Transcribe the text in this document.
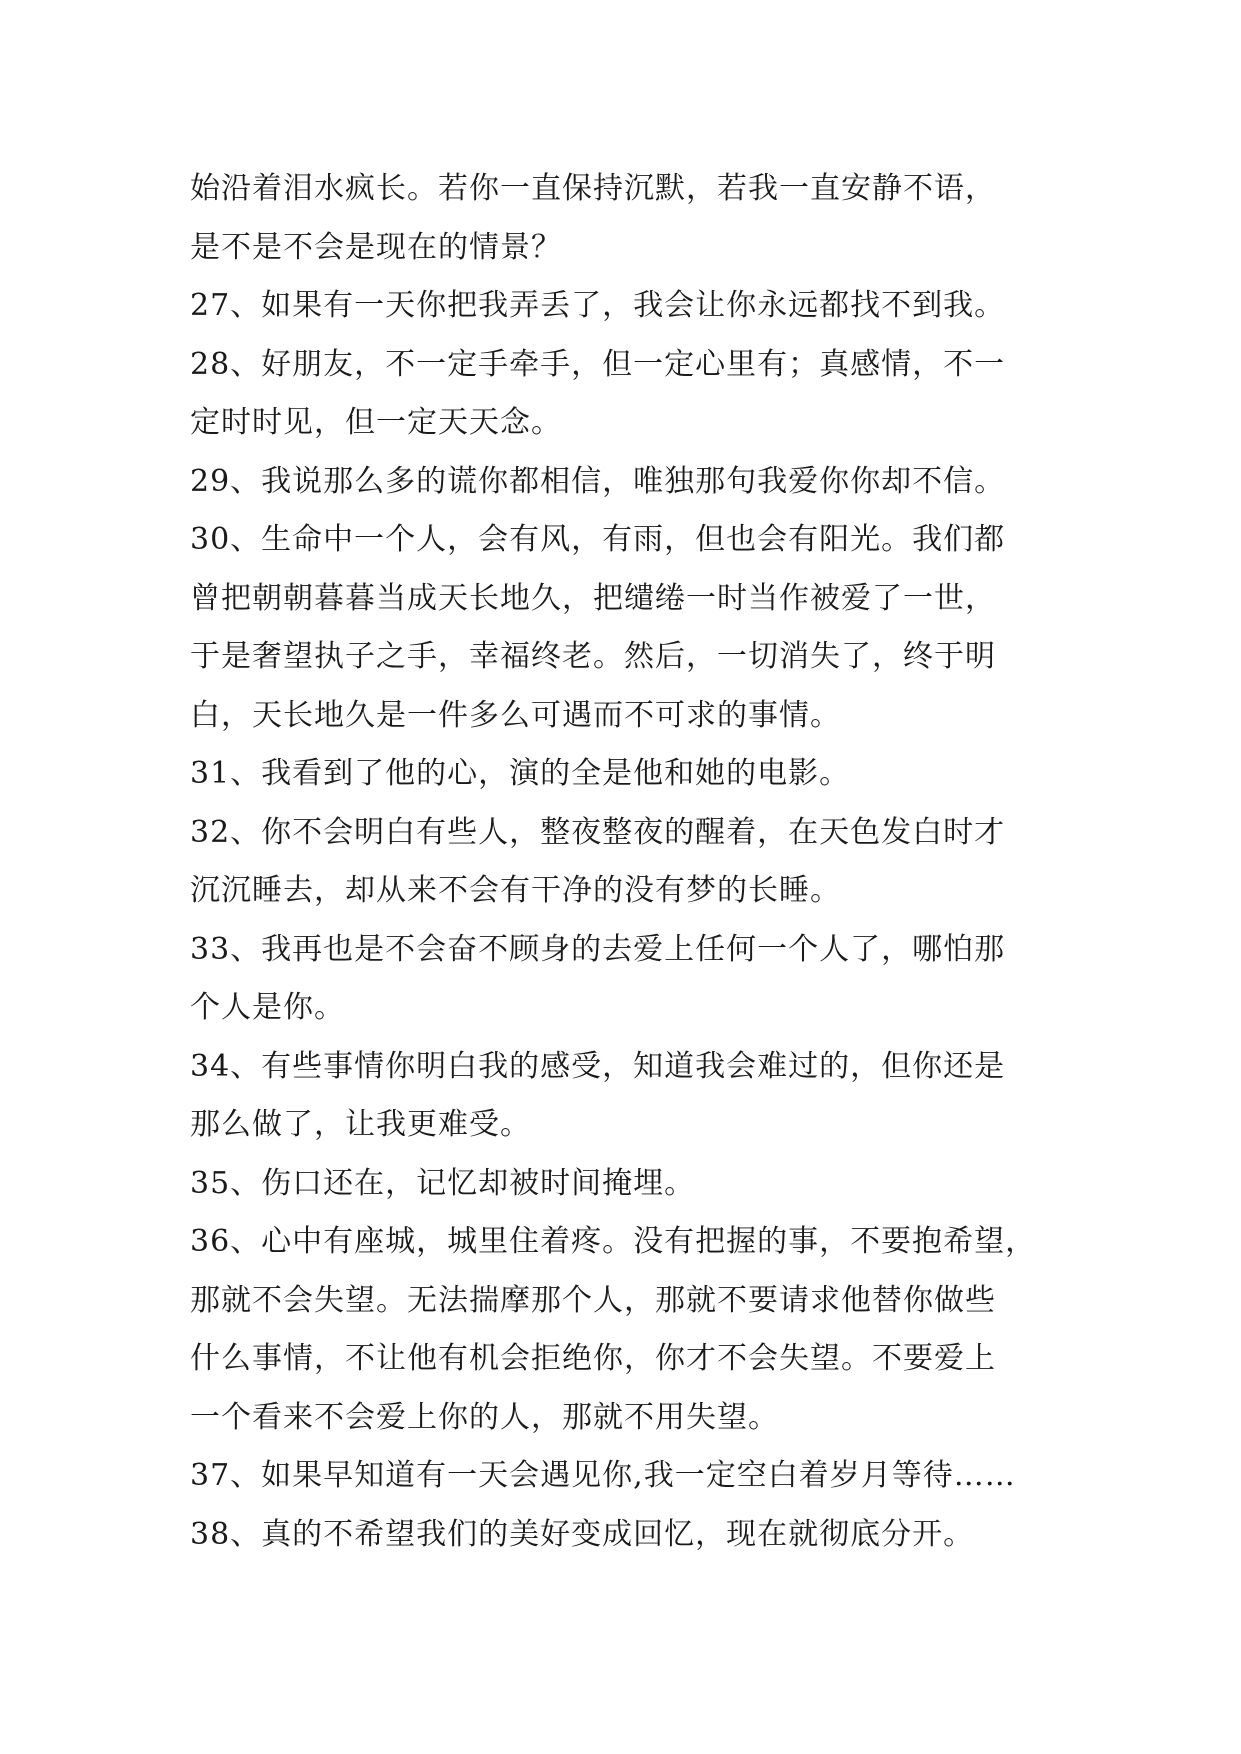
始沿着泪水疯长。若你一直保持沉默，若我一直安静不语，
是不是不会是现在的情景？
27、如果有一天你把我弄丢了，我会让你永远都找不到我。
28、好朋友，不一定手牵手，但一定心里有；真感情，不一
定时时见，但一定天天念。
29、我说那么多的谎你都相信，唯独那句我爱你你却不信。
30、生命中一个人，会有风，有雨，但也会有阳光。我们都
曾把朝朝暮暮当成天长地久，把缱绻一时当作被爱了一世，
于是奢望执子之手，幸福终老。然后，一切消失了，终于明
白，天长地久是一件多么可遇而不可求的事情。
31、我看到了他的心，演的全是他和她的电影。
32、你不会明白有些人，整夜整夜的醒着，在天色发白时才
沉沉睡去，却从来不会有干净的没有梦的长睡。
33、我再也是不会奋不顾身的去爱上任何一个人了，哪怕那
个人是你。
34、有些事情你明白我的感受，知道我会难过的，但你还是
那么做了，让我更难受。
35、伤口还在，记忆却被时间掩埋。
36、心中有座城，城里住着疼。没有把握的事，不要抱希望，
那就不会失望。无法揣摩那个人，那就不要请求他替你做些
什么事情，不让他有机会拒绝你，你才不会失望。不要爱上
一个看来不会爱上你的人，那就不用失望。
37、如果早知道有一天会遇见你,我一定空白着岁月等待……
38、真的不希望我们的美好变成回忆，现在就彻底分开。
